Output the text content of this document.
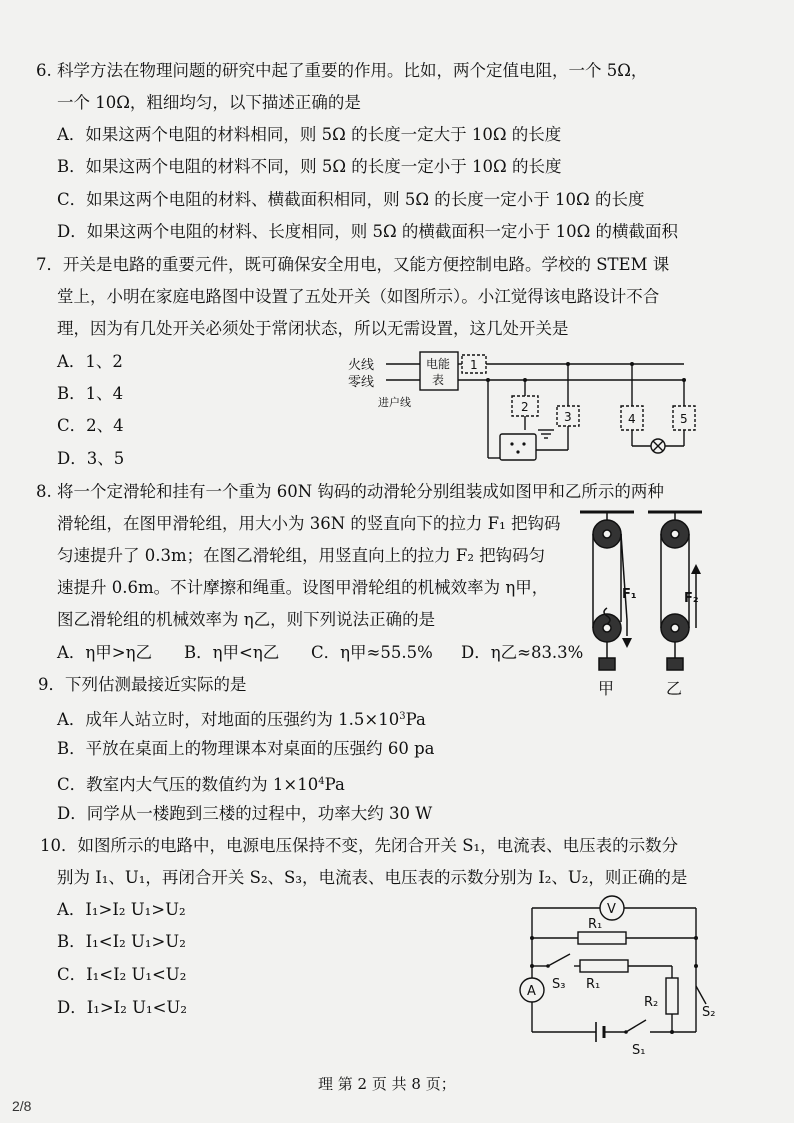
6. 科学方法在物理问题的研究中起了重要的作用。比如，两个定值电阻，一个 5Ω，
一个 10Ω，粗细均匀，以下描述正确的是
A．如果这两个电阻的材料相同，则 5Ω 的长度一定大于 10Ω 的长度
B．如果这两个电阻的材料不同，则 5Ω 的长度一定小于 10Ω 的长度
C．如果这两个电阻的材料、横截面积相同，则 5Ω 的长度一定小于 10Ω 的长度
D．如果这两个电阻的材料、长度相同，则 5Ω 的横截面积一定小于 10Ω 的横截面积
7．开关是电路的重要元件，既可确保安全用电，又能方便控制电路。学校的 STEM 课
堂上，小明在家庭电路图中设置了五处开关（如图所示）。小江觉得该电路设计不合
理，因为有几处开关必须处于常闭状态，所以无需设置，这几处开关是
A．1、2
B．1、4
C．2、4
D．3、5
火线
零线
电能
表
进户线
1
2
3	4	5
8. 将一个定滑轮和挂有一个重为 60N 钩码的动滑轮分别组装成如图甲和乙所示的两种
滑轮组，在图甲滑轮组，用大小为 36N 的竖直向下的拉力 F₁ 把钩码
匀速提升了 0.3m；在图乙滑轮组，用竖直向上的拉力 F₂ 把钩码匀
速提升 0.6m。不计摩擦和绳重。设图甲滑轮组的机械效率为 η甲，
图乙滑轮组的机械效率为 η乙，则下列说法正确的是
A．η甲>η乙 B．η甲<η乙 C．η甲≈55.5% D．η乙≈83.3%
F₁	F₂
甲	乙
9．下列估测最接近实际的是
A．成年人站立时，对地面的压强约为 $1.5\times 10^3Pa$
B．平放在桌面上的物理课本对桌面的压强约 60 pa
C．教室内大气压的数值约为 $1\times 10^4Pa$
D．同学从一楼跑到三楼的过程中，功率大约 30 W
10．如图所示的电路中，电源电压保持不变，先闭合开关 S₁，电流表、电压表的示数分
别为 I₁、U₁，再闭合开关 S₂、S₃，电流表、电压表的示数分别为 I₂、U₂，则正确的是
A．I₁>I₂ U₁>U₂
B．I₁<I₂ U₁>U₂
C．I₁<I₂ U₁<U₂
D．I₁>I₂ U₁<U₂
V
A
R₁
R₁
R₂
S₃
S₂
S₁
理 第 2 页 共 8 页；
2/8
